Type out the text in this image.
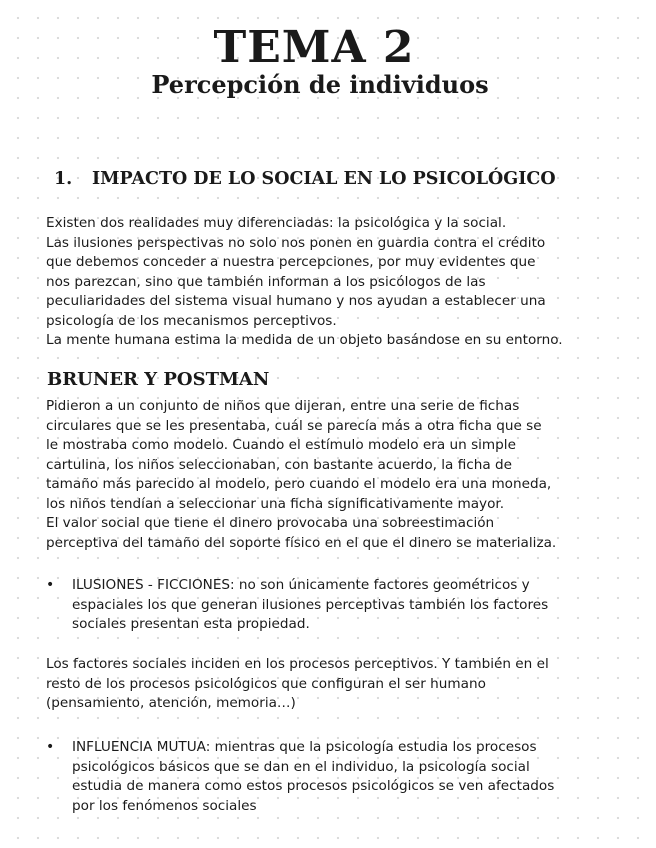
TEMA 2
Percepción de individuos
1. IMPACTO DE LO SOCIAL EN LO PSICOLÓGICO
Existen dos realidades muy diferenciadas: la psicológica y la social.
Las ilusiones perspectivas no solo nos ponen en guardia contra el crédito
que debemos conceder a nuestra percepciones, por muy evidentes que
nos parezcan, sino que también informan a los psicólogos de las
peculiaridades del sistema visual humano y nos ayudan a establecer una
psicología de los mecanismos perceptivos.
La mente humana estima la medida de un objeto basándose en su entorno.
BRUNER Y POSTMAN
Pidieron a un conjunto de niños que dijeran, entre una serie de fichas
circulares que se les presentaba, cuál se parecía más a otra ficha que se
le mostraba como modelo. Cuando el estímulo modelo era un simple
cartulina, los niños seleccionaban, con bastante acuerdo, la ficha de
tamaño más parecido al modelo, pero cuando el modelo era una moneda,
los niños tendían a seleccionar una ficha significativamente mayor.
El valor social que tiene el dinero provocaba una sobreestimación
perceptiva del tamaño del soporte físico en el que el dinero se materializa.
• ILUSIONES - FICCIONES: no son únicamente factores geométricos y
espaciales los que generan ilusiones perceptivas también los factores
sociales presentan esta propiedad.
Los factores sociales inciden en los procesos perceptivos. Y también en el
resto de los procesos psicológicos que configuran el ser humano
(pensamiento, atención, memoria…)
• INFLUENCIA MUTUA: mientras que la psicología estudia los procesos
psicológicos básicos que se dan en el individuo, la psicología social
estudia de manera como estos procesos psicológicos se ven afectados
por los fenómenos sociales
